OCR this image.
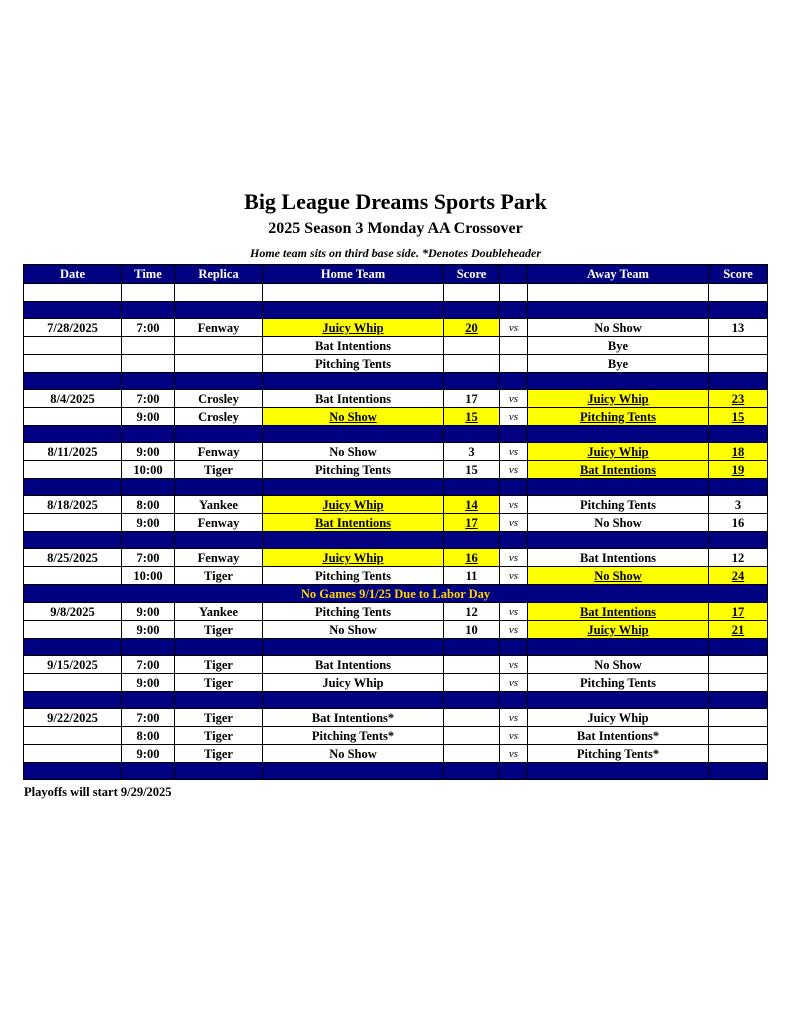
Big League Dreams Sports Park
2025 Season 3 Monday AA Crossover
Home team sits on third base side. *Denotes Doubleheader
Date	Time	Replica	Home Team	Score		Away Team	Score

7/28/2025	7:00	Fenway	Juicy Whip	20	vs	No Show	13
			Bat Intentions			Bye	
			Pitching Tents			Bye	

8/4/2025	7:00	Crosley	Bat Intentions	17	vs	Juicy Whip	23
	9:00	Crosley	No Show	15	vs	Pitching Tents	15

8/11/2025	9:00	Fenway	No Show	3	vs	Juicy Whip	18
	10:00	Tiger	Pitching Tents	15	vs	Bat Intentions	19

8/18/2025	8:00	Yankee	Juicy Whip	14	vs	Pitching Tents	3
	9:00	Fenway	Bat Intentions	17	vs	No Show	16

8/25/2025	7:00	Fenway	Juicy Whip	16	vs	Bat Intentions	12
	10:00	Tiger	Pitching Tents	11	vs	No Show	24
No Games 9/1/25 Due to Labor Day							
9/8/2025	9:00	Yankee	Pitching Tents	12	vs	Bat Intentions	17
	9:00	Tiger	No Show	10	vs	Juicy Whip	21

9/15/2025	7:00	Tiger	Bat Intentions		vs	No Show	
	9:00	Tiger	Juicy Whip		vs	Pitching Tents	

9/22/2025	7:00	Tiger	Bat Intentions*		vs	Juicy Whip	
	8:00	Tiger	Pitching Tents*		vs	Bat Intentions*	
	9:00	Tiger	No Show		vs	Pitching Tents*	

Playoffs will start 9/29/2025
